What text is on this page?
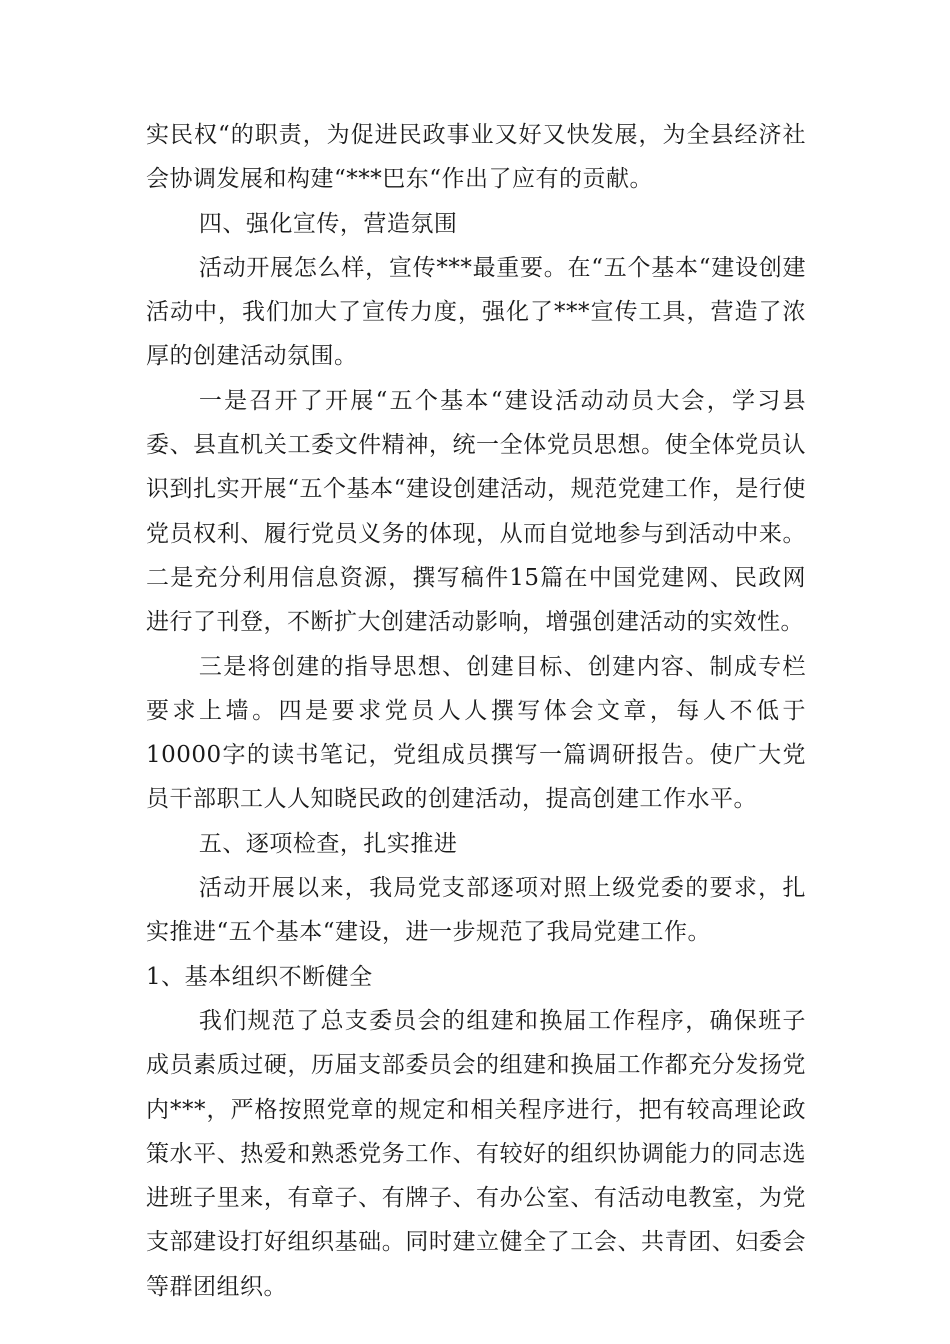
实民权“的职责，为促进民政事业又好又快发展，为全县经济社会协调发展和构建“***巴东“作出了应有的贡献。

四、强化宣传，营造氛围

活动开展怎么样，宣传***最重要。在“五个基本“建设创建活动中，我们加大了宣传力度，强化了***宣传工具，营造了浓厚的创建活动氛围。

一是召开了开展“五个基本“建设活动动员大会，学习县委、县直机关工委文件精神，统一全体党员思想。使全体党员认识到扎实开展“五个基本“建设创建活动，规范党建工作，是行使党员权利、履行党员义务的体现，从而自觉地参与到活动中来。二是充分利用信息资源，撰写稿件15篇在中国党建网、民政网进行了刊登，不断扩大创建活动影响，增强创建活动的实效性。

三是将创建的指导思想、创建目标、创建内容、制成专栏要求上墙。四是要求党员人人撰写体会文章，每人不低于10000字的读书笔记，党组成员撰写一篇调研报告。使广大党员干部职工人人知晓民政的创建活动，提高创建工作水平。

五、逐项检查，扎实推进

活动开展以来，我局党支部逐项对照上级党委的要求，扎实推进“五个基本“建设，进一步规范了我局党建工作。

1、基本组织不断健全

我们规范了总支委员会的组建和换届工作程序，确保班子成员素质过硬，历届支部委员会的组建和换届工作都充分发扬党内***，严格按照党章的规定和相关程序进行，把有较高理论政策水平、热爱和熟悉党务工作、有较好的组织协调能力的同志选进班子里来，有章子、有牌子、有办公室、有活动电教室，为党支部建设打好组织基础。同时建立健全了工会、共青团、妇委会等群团组织。
